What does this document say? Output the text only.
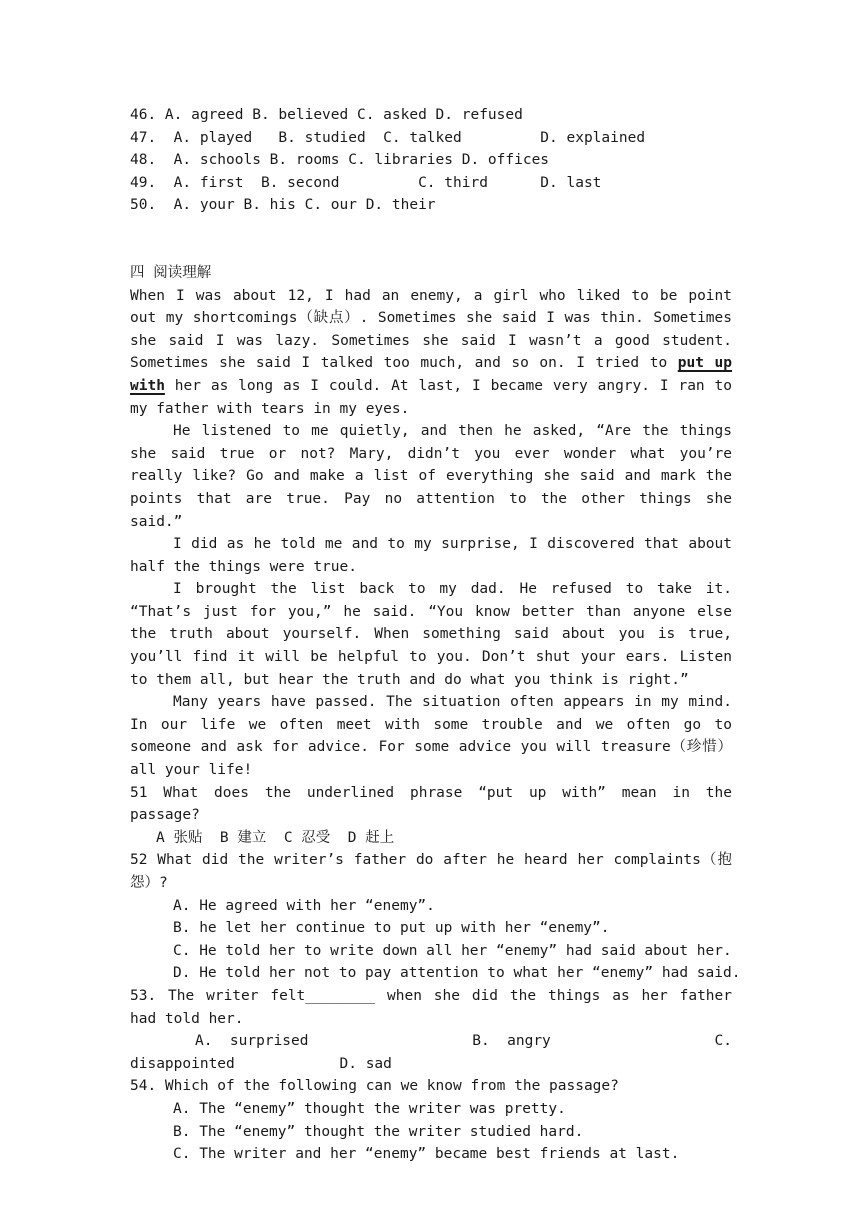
46. A. agreed B. believed C. asked D. refused
47.  A. played   B. studied  C. talked         D. explained
48.  A. schools B. rooms C. libraries D. offices
49.  A. first  B. second         C. third      D. last
50.  A. your B. his C. our D. their
四 阅读理解
When I was about 12, I had an enemy, a girl who liked to be point out my shortcomings（缺点）. Sometimes she said I was thin. Sometimes she said I was lazy. Sometimes she said I wasn’t a good student. Sometimes she said I talked too much, and so on. I tried to put up with her as long as I could. At last, I became very angry. I ran to my father with tears in my eyes.
He listened to me quietly, and then he asked, “Are the things she said true or not? Mary, didn’t you ever wonder what you’re really like? Go and make a list of everything she said and mark the points that are true. Pay no attention to the other things she said.”
I did as he told me and to my surprise, I discovered that about half the things were true.
I brought the list back to my dad. He refused to take it. “That’s just for you,” he said. “You know better than anyone else the truth about yourself. When something said about you is true, you’ll find it will be helpful to you. Don’t shut your ears. Listen to them all, but hear the truth and do what you think is right.”
Many years have passed. The situation often appears in my mind. In our life we often meet with some trouble and we often go to someone and ask for advice. For some advice you will treasure（珍惜） all your life!
51 What does the underlined phrase “put up with” mean in the passage?
A 张贴  B 建立  C 忍受  D 赶上
52 What did the writer’s father do after he heard her complaints（抱怨）?
A. He agreed with her “enemy”.
B. he let her continue to put up with her “enemy”.
C. He told her to write down all her “enemy” had said about her.
D. He told her not to pay attention to what her “enemy” had said.
53. The writer felt________ when she did the things as her father had told her.
A.  surprised	B.  angry	C.
disappointed            D. sad
54. Which of the following can we know from the passage?
A. The “enemy” thought the writer was pretty.
B. The “enemy” thought the writer studied hard.
C. The writer and her “enemy” became best friends at last.
